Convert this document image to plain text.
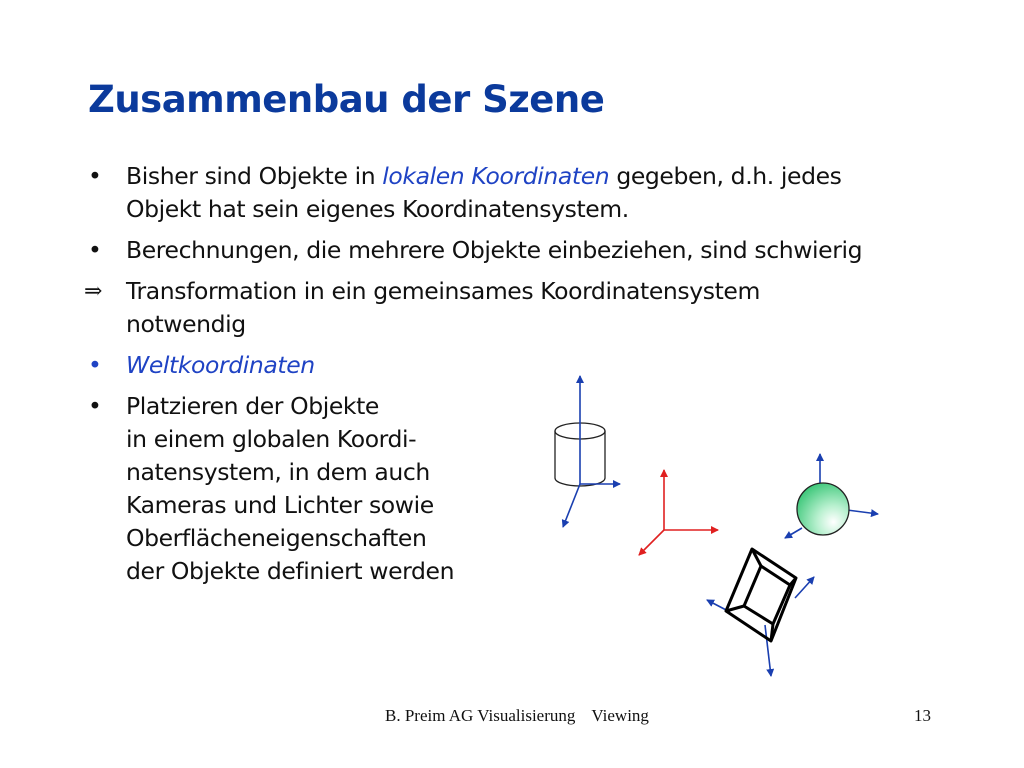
Zusammenbau der Szene
• Bisher sind Objekte in lokalen Koordinaten gegeben, d.h. jedes
Objekt hat sein eigenes Koordinatensystem.
• Berechnungen, die mehrere Objekte einbeziehen, sind schwierig
⇒ Transformation in ein gemeinsames Koordinatensystem
notwendig
• Weltkoordinaten
• Platzieren der Objekte
in einem globalen Koordi-
natensystem, in dem auch
Kameras und Lichter sowie
Oberflächeneigenschaften
der Objekte definiert werden
B. Preim AG Visualisierung Viewing	13
